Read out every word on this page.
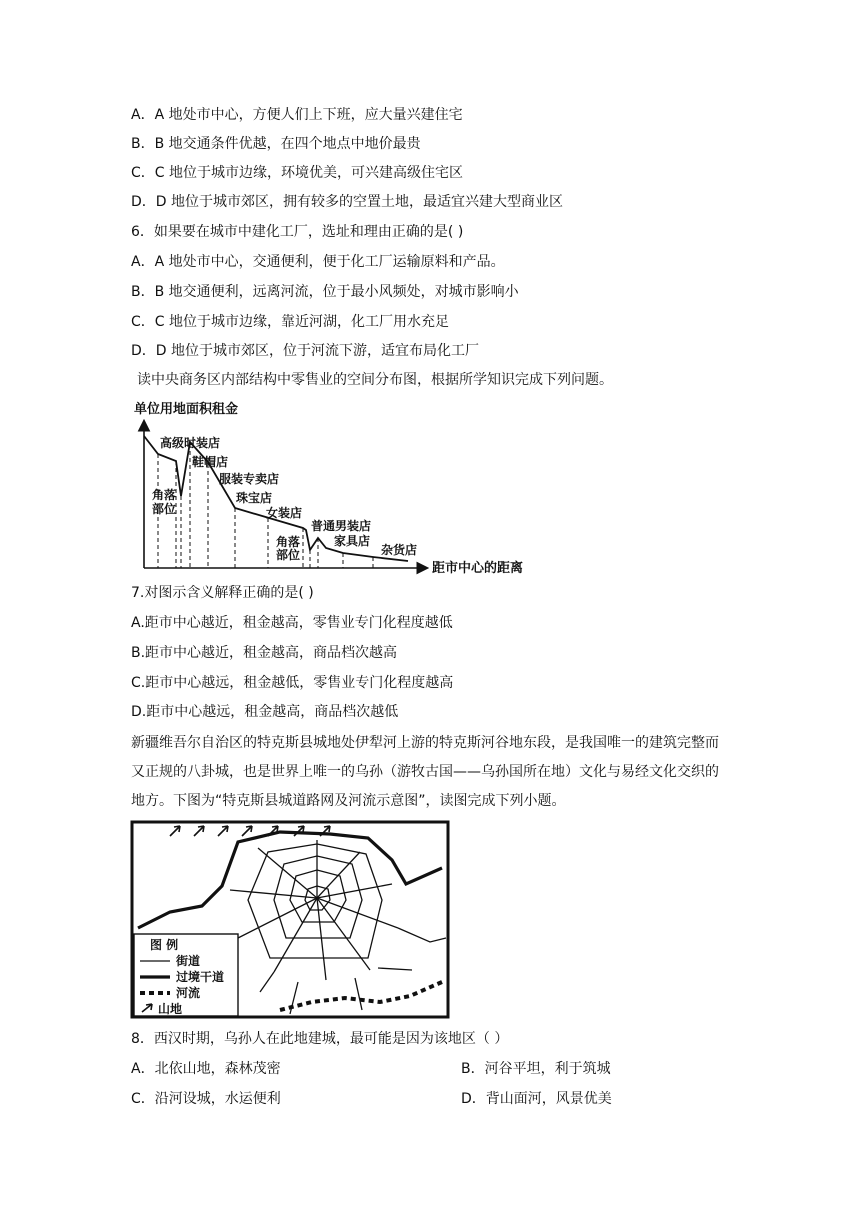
A．A 地处市中心，方便人们上下班，应大量兴建住宅
B．B 地交通条件优越，在四个地点中地价最贵
C．C 地位于城市边缘，环境优美，可兴建高级住宅区
D．D 地位于城市郊区，拥有较多的空置土地，最适宜兴建大型商业区
6．如果要在城市中建化工厂，选址和理由正确的是( )
A．A 地处市中心，交通便利，便于化工厂运输原料和产品。
B．B 地交通便利，远离河流，位于最小风频处，对城市影响小
C．C 地位于城市边缘，靠近河湖，化工厂用水充足
D．D 地位于城市郊区，位于河流下游，适宜布局化工厂
读中央商务区内部结构中零售业的空间分布图，根据所学知识完成下列问题。
单位用地面积租金
距市中心的距离
高级时装店
鞋帽店
服装专卖店
珠宝店
女装店
普通男装店
家具店
杂货店
角落
部位
角落
部位
7.对图示含义解释正确的是( )
A.距市中心越近，租金越高，零售业专门化程度越低
B.距市中心越近，租金越高，商品档次越高
C.距市中心越远，租金越低，零售业专门化程度越高
D.距市中心越远，租金越高，商品档次越低
新疆维吾尔自治区的特克斯县城地处伊犁河上游的特克斯河谷地东段，是我国唯一的建筑完整而又正规的八卦城，也是世界上唯一的乌孙（游牧古国——乌孙国所在地）文化与易经文化交织的地方。下图为“特克斯县城道路网及河流示意图”，读图完成下列小题。
图 例
街道
过境干道
河流
山地
8．西汉时期，乌孙人在此地建城，最可能是因为该地区（ ）
A．北依山地，森林茂密	B．河谷平坦，利于筑城
C．沿河设城，水运便利	D．背山面河，风景优美
